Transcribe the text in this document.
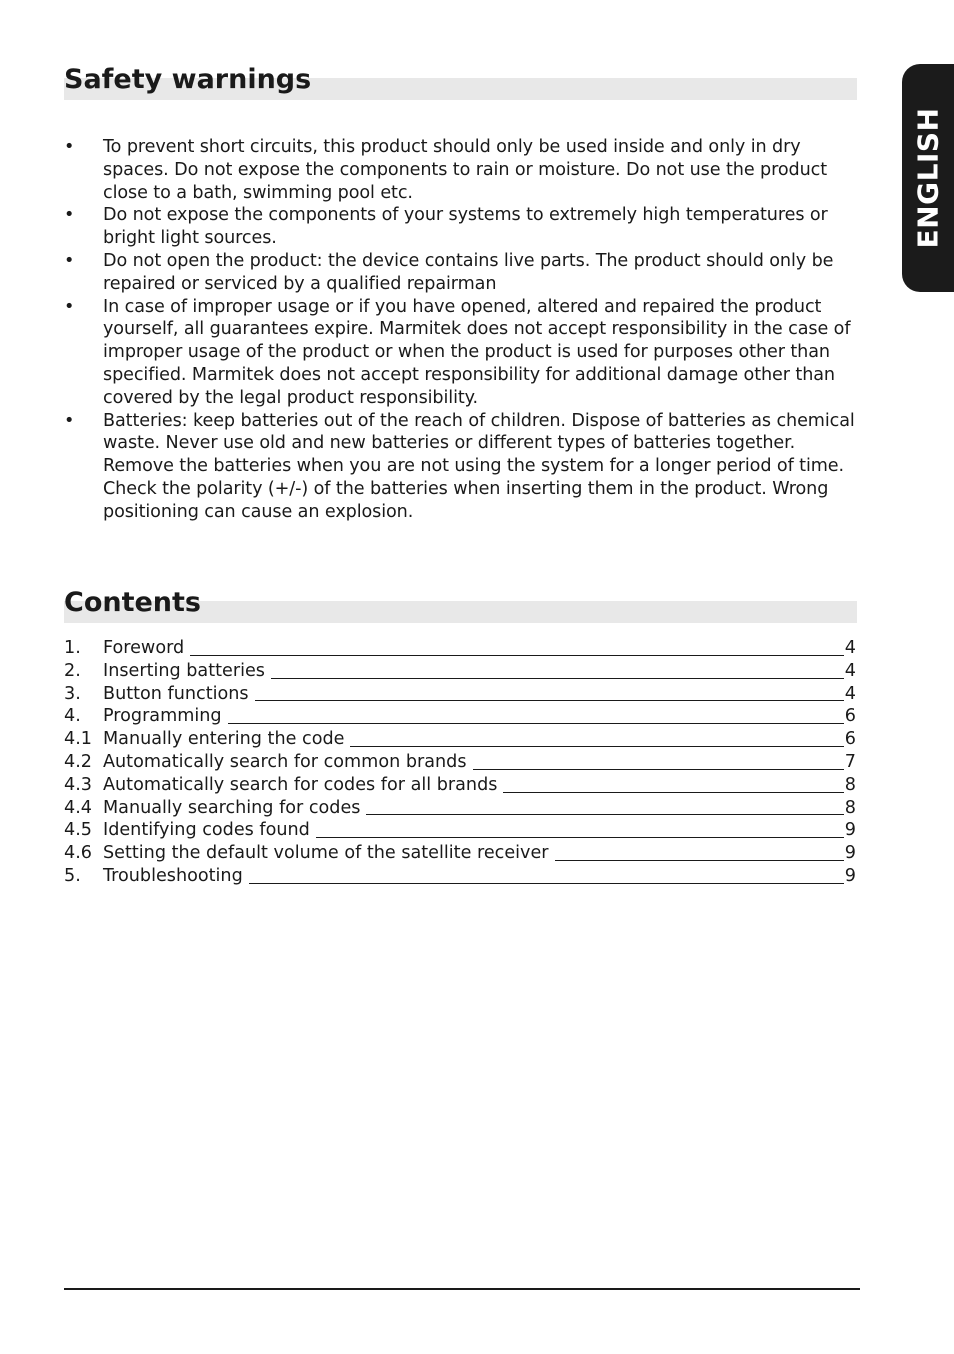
ENGLISH
Safety warnings
• To prevent short circuits, this product should only be used inside and only in dry spaces. Do not expose the components to rain or moisture. Do not use the product close to a bath, swimming pool etc.
• Do not expose the components of your systems to extremely high temperatures or bright light sources.
• Do not open the product: the device contains live parts. The product should only be repaired or serviced by a qualified repairman
• In case of improper usage or if you have opened, altered and repaired the product yourself, all guarantees expire. Marmitek does not accept responsibility in the case of improper usage of the product or when the product is used for purposes other than specified. Marmitek does not accept responsibility for additional damage other than covered by the legal product responsibility.
• Batteries: keep batteries out of the reach of children. Dispose of batteries as chemical waste. Never use old and new batteries or different types of batteries together. Remove the batteries when you are not using the system for a longer period of time. Check the polarity (+/-) of the batteries when inserting them in the product. Wrong positioning can cause an explosion.
Contents
1.	Foreword	4
2.	Inserting batteries	4
3.	Button functions	4
4.	Programming	6
4.1 Manually entering the code	6
4.2 Automatically search for common brands	7
4.3 Automatically search for codes for all brands	8
4.4 Manually searching for codes	8
4.5 Identifying codes found	9
4.6 Setting the default volume of the satellite receiver	9
5.	Troubleshooting	9
